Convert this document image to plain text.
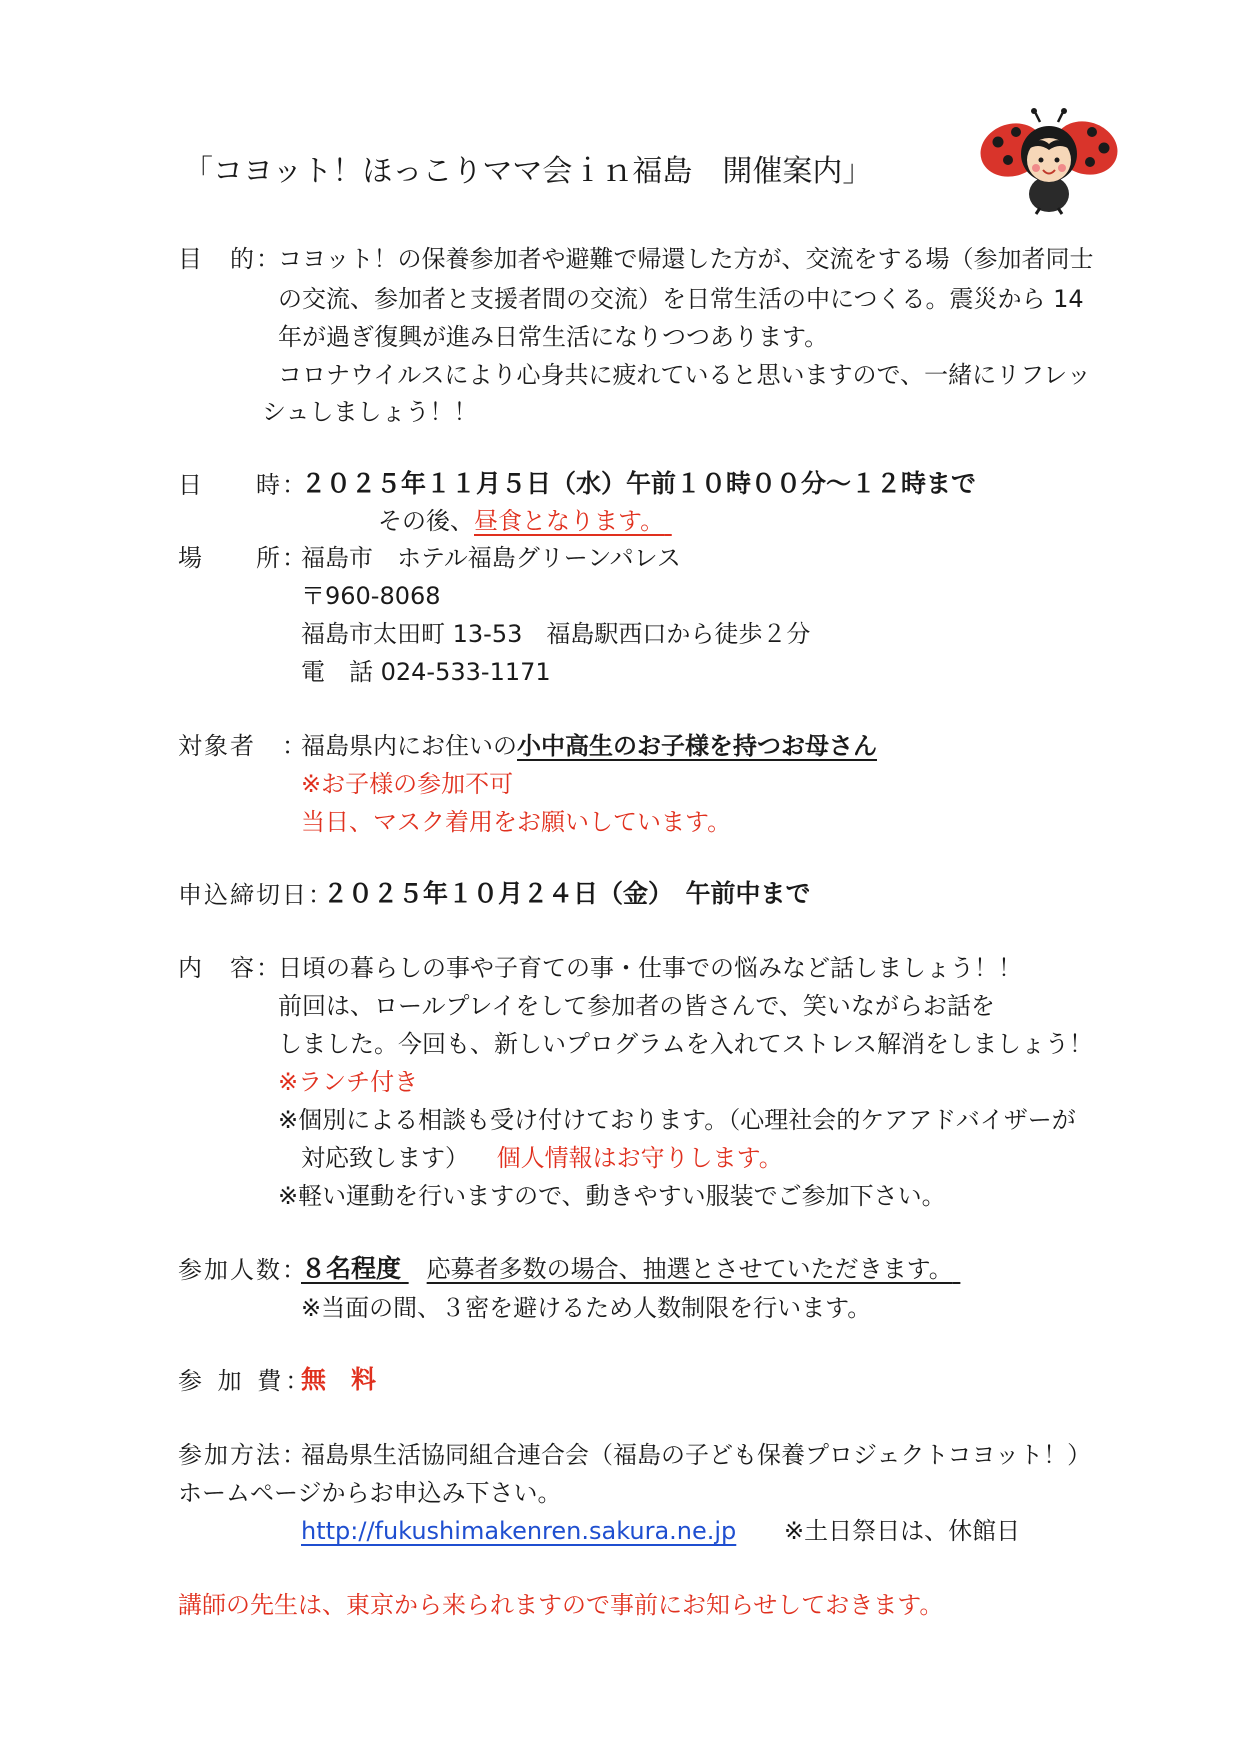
「コヨット！ほっこりママ会ｉｎ福島　開催案内」
目　的：
コヨット！の保養参加者や避難で帰還した方が、交流をする場（参加者同士
の交流、参加者と支援者間の交流）を日常生活の中につくる。震災から 14
年が過ぎ復興が進み日常生活になりつつあります。
コロナウイルスにより心身共に疲れていると思いますので、一緒にリフレッ
シュしましょう！！
日　　時：
２０２５年１１月５日（水）午前１０時００分～１２時まで
その後、昼食となります。
場　　所：
福島市　ホテル福島グリーンパレス
〒960-8068
福島市太田町 13-53　福島駅西口から徒歩２分
電　話 024-533-1171
対象者　：
福島県内にお住いの小中高生のお子様を持つお母さん
※お子様の参加不可
当日、マスク着用をお願いしています。
申込締切日：
２０２５年１０月２４日（金）　午前中まで
内　容：
日頃の暮らしの事や子育ての事・仕事での悩みなど話しましょう！！
前回は、ロールプレイをして参加者の皆さんで、笑いながらお話を
しました。今回も、新しいプログラムを入れてストレス解消をしましょう！
※ランチ付き
※個別による相談も受け付けております。（心理社会的ケアアドバイザーが
対応致します） 個人情報はお守りします。
※軽い運動を行いますので、動きやすい服装でご参加下さい。
参加人数：
８名程度 応募者多数の場合、抽選とさせていただきます。
※当面の間、３密を避けるため人数制限を行います。
参 加 費：
無　料
参加方法：
福島県生活協同組合連合会（福島の子ども保養プロジェクトコヨット！）
ホームページからお申込み下さい。
http://fukushimakenren.sakura.ne.jp ※土日祭日は、休館日
講師の先生は、東京から来られますので事前にお知らせしておきます。
